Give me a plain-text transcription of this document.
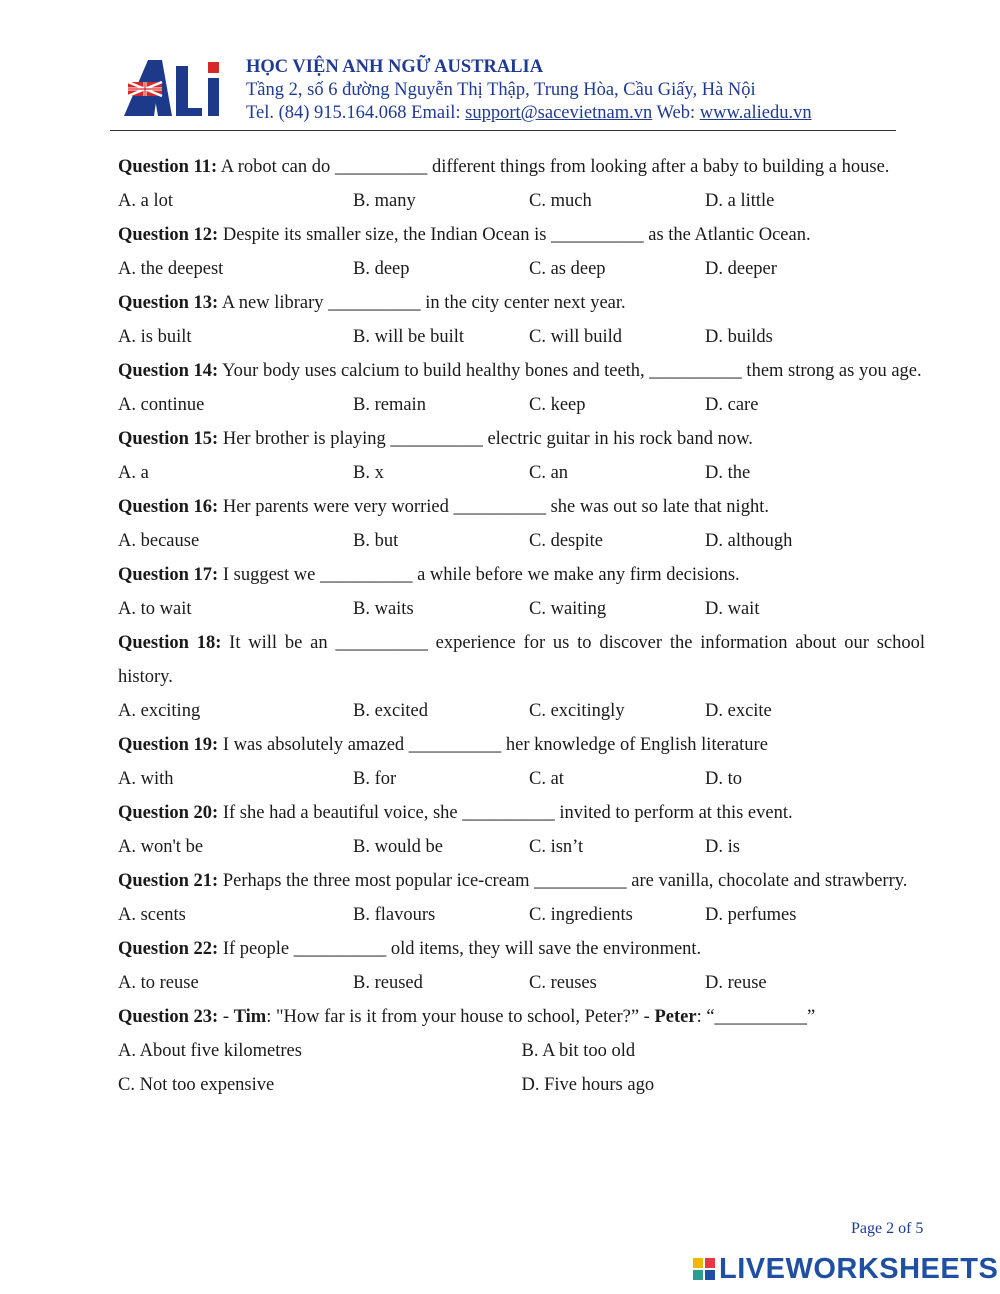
HỌC VIỆN ANH NGỮ AUSTRALIA
Tầng 2, số 6 đường Nguyễn Thị Thập, Trung Hòa, Cầu Giấy, Hà Nội
Tel. (84) 915.164.068 Email: support@sacevietnam.vn Web: www.aliedu.vn
Question 11: A robot can do __________ different things from looking after a baby to building a house.
A. a lot	B. many	C. much	D. a little
Question 12: Despite its smaller size, the Indian Ocean is __________ as the Atlantic Ocean.
A. the deepest	B. deep	C. as deep	D. deeper
Question 13: A new library __________ in the city center next year.
A. is built	B. will be built	C. will build	D. builds
Question 14: Your body uses calcium to build healthy bones and teeth, __________ them strong as you age.
A. continue	B. remain	C. keep	D. care
Question 15: Her brother is playing __________ electric guitar in his rock band now.
A. a	B. x	C. an	D. the
Question 16: Her parents were very worried __________ she was out so late that night.
A. because	B. but	C. despite	D. although
Question 17: I suggest we __________ a while before we make any firm decisions.
A. to wait	B. waits	C. waiting	D. wait
Question 18: It will be an __________ experience for us to discover the information about our school history.
A. exciting	B. excited	C. excitingly	D. excite
Question 19: I was absolutely amazed __________ her knowledge of English literature
A. with	B. for	C. at	D. to
Question 20: If she had a beautiful voice, she __________ invited to perform at this event.
A. won't be	B. would be	C. isn’t	D. is
Question 21: Perhaps the three most popular ice-cream __________ are vanilla, chocolate and strawberry.
A. scents	B. flavours	C. ingredients	D. perfumes
Question 22: If people __________ old items, they will save the environment.
A. to reuse	B. reused	C. reuses	D. reuse
Question 23: - Tim: "How far is it from your house to school, Peter?” - Peter: “__________”
A. About five kilometres	B. A bit too old
C. Not too expensive	D. Five hours ago
Page 2 of 5
LIVEWORKSHEETS
